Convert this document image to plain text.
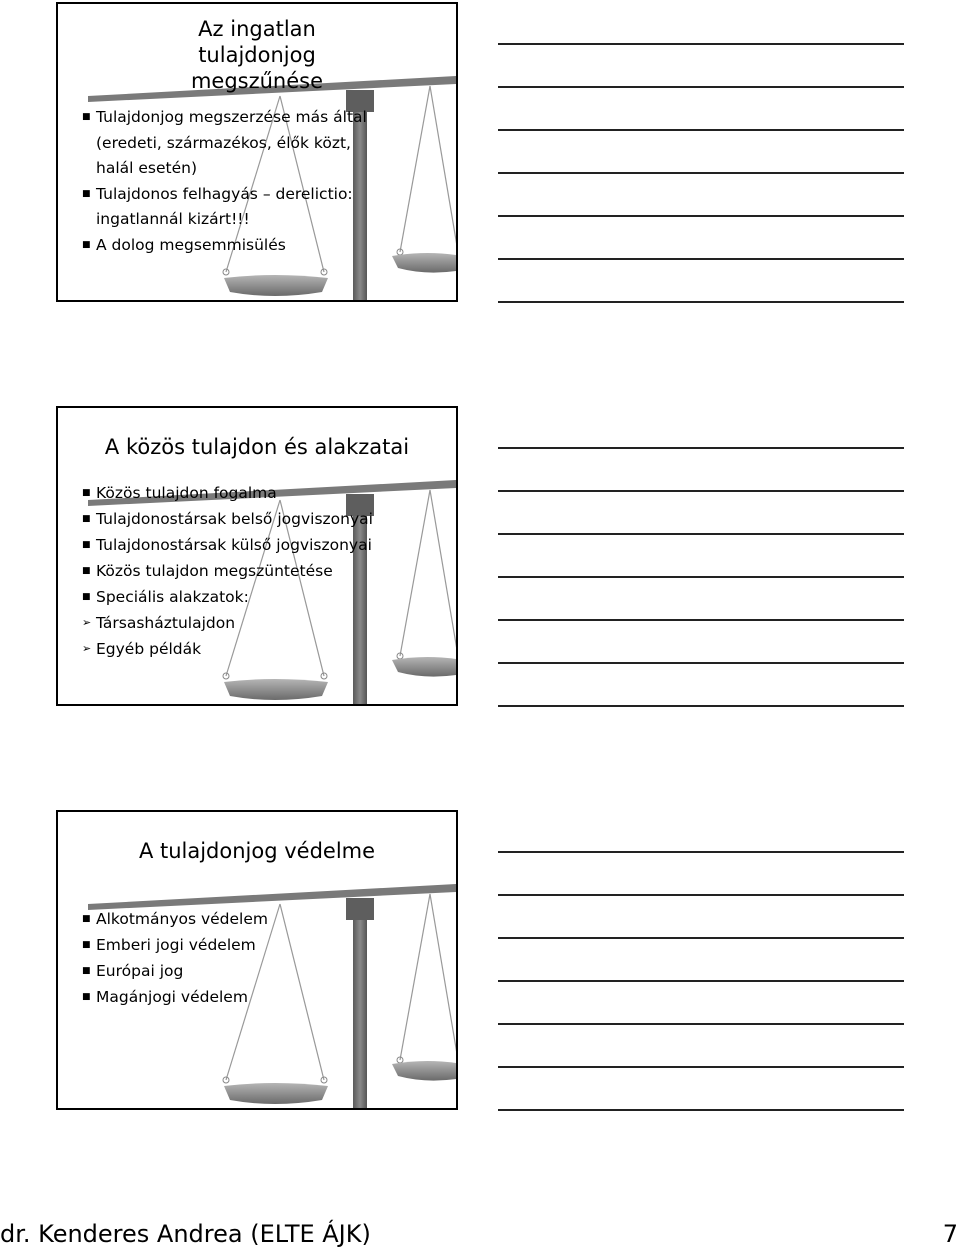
Az ingatlan tulajdonjog megszűnése
■ Tulajdonjog megszerzése más által (eredeti, származékos, élők közt, halál esetén)
■ Tulajdonos felhagyás – derelictio: ingatlannál kizárt!!!
■ A dolog megsemmisülés
A közös tulajdon és alakzatai
■ Közös tulajdon fogalma
■ Tulajdonostársak belső jogviszonyai
■ Tulajdonostársak külső jogviszonyai
■ Közös tulajdon megszüntetése
■ Speciális alakzatok:
➢ Társasháztulajdon
➢ Egyéb példák
A tulajdonjog védelme
■ Alkotmányos védelem
■ Emberi jogi védelem
■ Európai jog
■ Magánjogi védelem
dr. Kenderes Andrea (ELTE ÁJK)	7
